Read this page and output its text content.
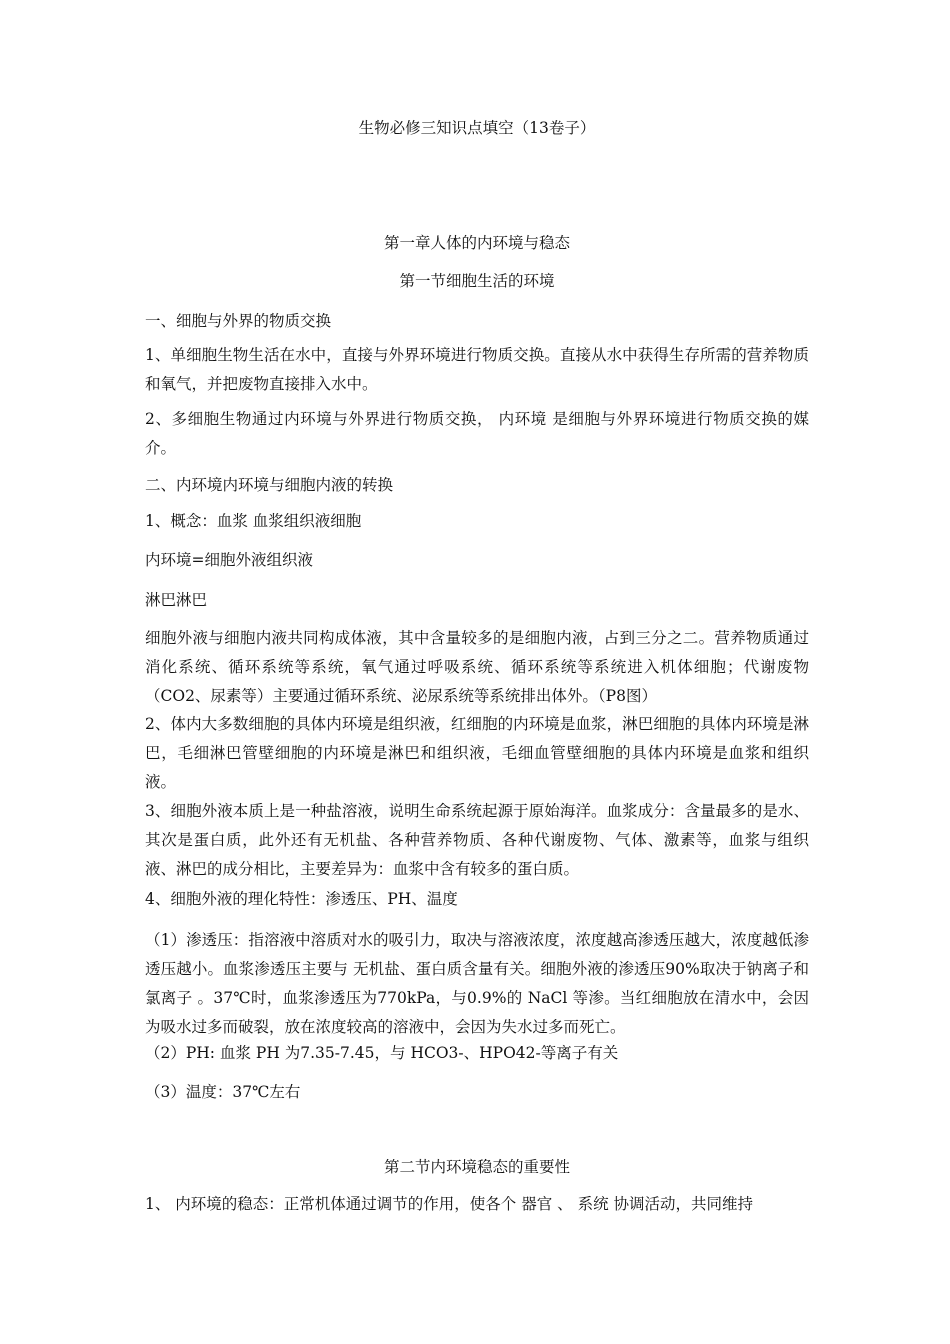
生物必修三知识点填空（13卷子）
第一章人体的内环境与稳态
第一节细胞生活的环境
一、细胞与外界的物质交换
1、单细胞生物生活在水中，直接与外界环境进行物质交换。直接从水中获得生存所需的营养物质和氧气，并把废物直接排入水中。
2、多细胞生物通过内环境与外界进行物质交换， 内环境 是细胞与外界环境进行物质交换的媒介。
二、内环境内环境与细胞内液的转换
1、概念：血浆 血浆组织液细胞
内环境=细胞外液组织液
淋巴淋巴
细胞外液与细胞内液共同构成体液，其中含量较多的是细胞内液，占到三分之二。营养物质通过消化系统、循环系统等系统，氧气通过呼吸系统、循环系统等系统进入机体细胞；代谢废物（CO2、尿素等）主要通过循环系统、泌尿系统等系统排出体外。（P8图）
2、体内大多数细胞的具体内环境是组织液，红细胞的内环境是血浆，淋巴细胞的具体内环境是淋巴，毛细淋巴管壁细胞的内环境是淋巴和组织液，毛细血管壁细胞的具体内环境是血浆和组织液。
3、细胞外液本质上是一种盐溶液，说明生命系统起源于原始海洋。血浆成分：含量最多的是水、其次是蛋白质，此外还有无机盐、各种营养物质、各种代谢废物、气体、激素等，血浆与组织液、淋巴的成分相比，主要差异为：血浆中含有较多的蛋白质。
4、细胞外液的理化特性：渗透压、PH、温度
（1）渗透压：指溶液中溶质对水的吸引力，取决与溶液浓度，浓度越高渗透压越大，浓度越低渗透压越小。血浆渗透压主要与 无机盐、蛋白质含量有关。细胞外液的渗透压90%取决于钠离子和氯离子 。37℃时，血浆渗透压为770kPa，与0.9%的 NaCl 等渗。当红细胞放在清水中，会因为吸水过多而破裂，放在浓度较高的溶液中，会因为失水过多而死亡。
（2）PH: 血浆 PH 为7.35-7.45，与 HCO3-、HPO42-等离子有关
（3）温度：37℃左右
第二节内环境稳态的重要性
1、 内环境的稳态：正常机体通过调节的作用，使各个 器官 、 系统 协调活动，共同维持
